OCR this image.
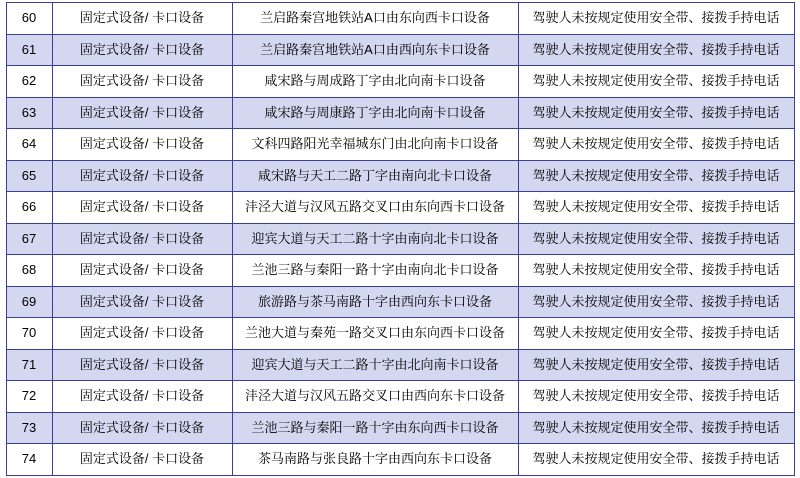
60	固定式设备/ 卡口设备	兰启路秦宫地铁站A口由东向西卡口设备	驾驶人未按规定使用安全带、接拨手持电话
61	固定式设备/ 卡口设备	兰启路秦宫地铁站A口由西向东卡口设备	驾驶人未按规定使用安全带、接拨手持电话
62	固定式设备/ 卡口设备	咸宋路与周成路丁字由北向南卡口设备	驾驶人未按规定使用安全带、接拨手持电话
63	固定式设备/ 卡口设备	咸宋路与周康路丁字由北向南卡口设备	驾驶人未按规定使用安全带、接拨手持电话
64	固定式设备/ 卡口设备	文科四路阳光幸福城东门由北向南卡口设备	驾驶人未按规定使用安全带、接拨手持电话
65	固定式设备/ 卡口设备	咸宋路与天工二路丁字由南向北卡口设备	驾驶人未按规定使用安全带、接拨手持电话
66	固定式设备/ 卡口设备	沣泾大道与汉风五路交叉口由东向西卡口设备	驾驶人未按规定使用安全带、接拨手持电话
67	固定式设备/ 卡口设备	迎宾大道与天工二路十字由南向北卡口设备	驾驶人未按规定使用安全带、接拨手持电话
68	固定式设备/ 卡口设备	兰池三路与秦阳一路十字由南向北卡口设备	驾驶人未按规定使用安全带、接拨手持电话
69	固定式设备/ 卡口设备	旅游路与茶马南路十字由西向东卡口设备	驾驶人未按规定使用安全带、接拨手持电话
70	固定式设备/ 卡口设备	兰池大道与秦苑一路交叉口由东向西卡口设备	驾驶人未按规定使用安全带、接拨手持电话
71	固定式设备/ 卡口设备	迎宾大道与天工二路十字由北向南卡口设备	驾驶人未按规定使用安全带、接拨手持电话
72	固定式设备/ 卡口设备	沣泾大道与汉风五路交叉口由西向东卡口设备	驾驶人未按规定使用安全带、接拨手持电话
73	固定式设备/ 卡口设备	兰池三路与秦阳一路十字由东向西卡口设备	驾驶人未按规定使用安全带、接拨手持电话
74	固定式设备/ 卡口设备	茶马南路与张良路十字由西向东卡口设备	驾驶人未按规定使用安全带、接拨手持电话
